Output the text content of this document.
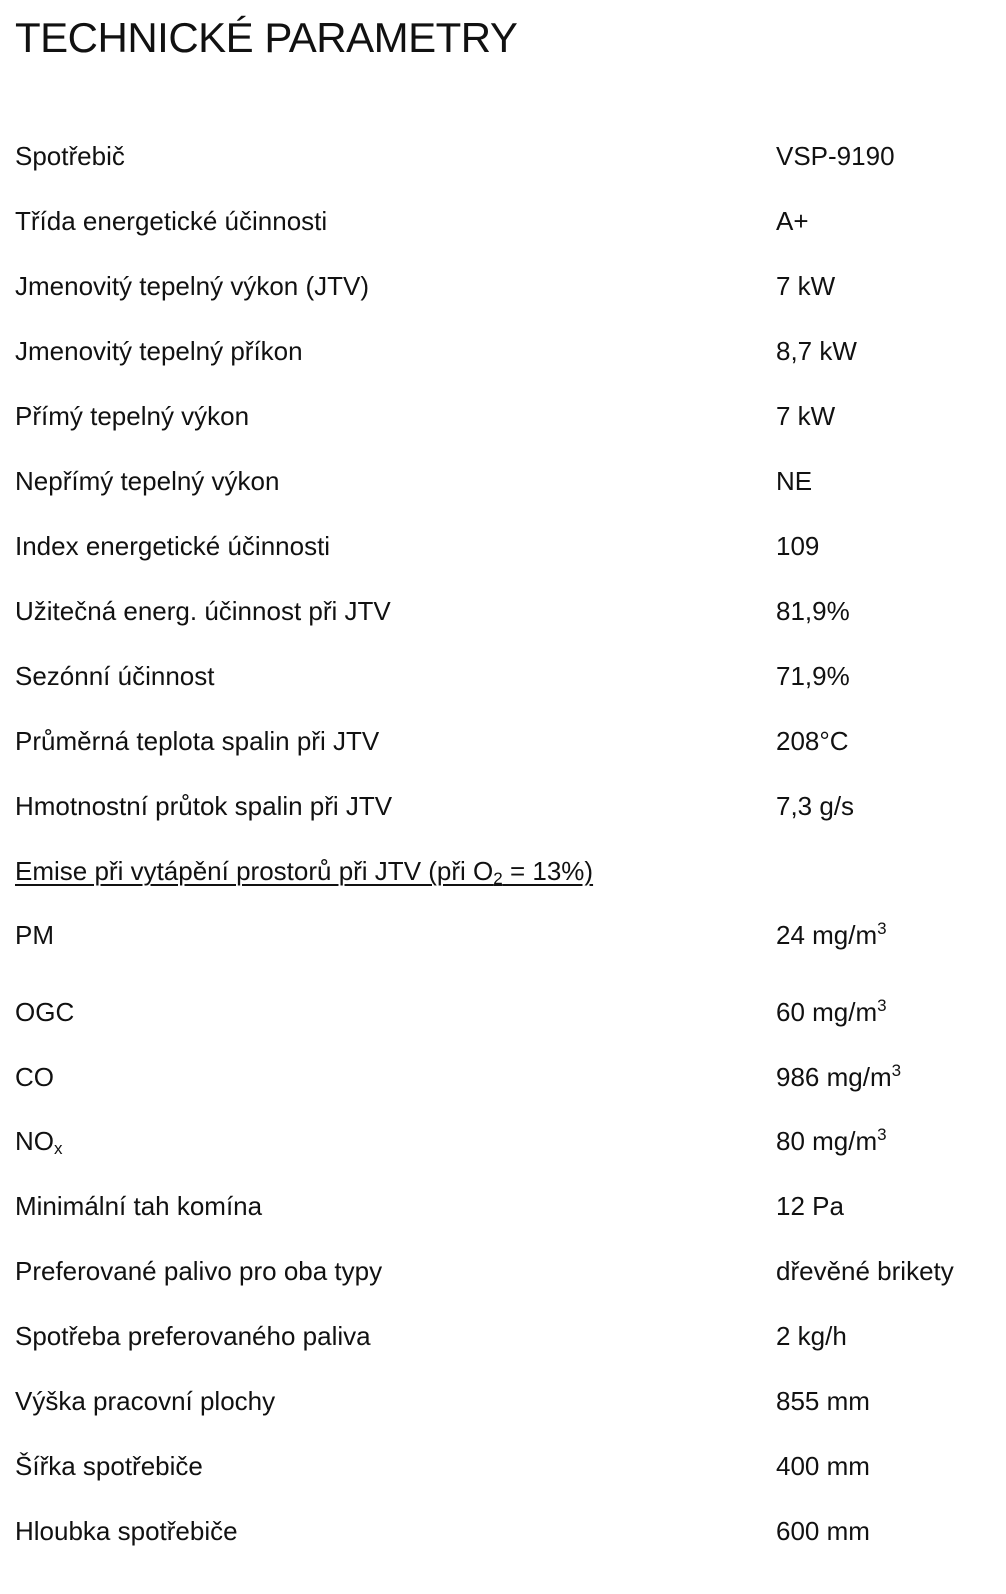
TECHNICKÉ PARAMETRY
Spotřebič	VSP-9190
Třída energetické účinnosti	A+
Jmenovitý tepelný výkon (JTV)	7 kW
Jmenovitý tepelný příkon	8,7 kW
Přímý tepelný výkon	7 kW
Nepřímý tepelný výkon	NE
Index energetické účinnosti	109
Užitečná energ. účinnost při JTV	81,9%
Sezónní účinnost	71,9%
Průměrná teplota spalin při JTV	208°C
Hmotnostní průtok spalin při JTV	7,3 g/s
Emise při vytápění prostorů při JTV (při O2 = 13%)
PM	24 $mg/m^3$
OGC	60 $mg/m^3$
CO	986 $mg/m^3$
NOx	80 $mg/m^3$
Minimální tah komína	12 Pa
Preferované palivo pro oba typy	dřevěné brikety
Spotřeba preferovaného paliva	2 kg/h
Výška pracovní plochy	855 mm
Šířka spotřebiče	400 mm
Hloubka spotřebiče	600 mm
